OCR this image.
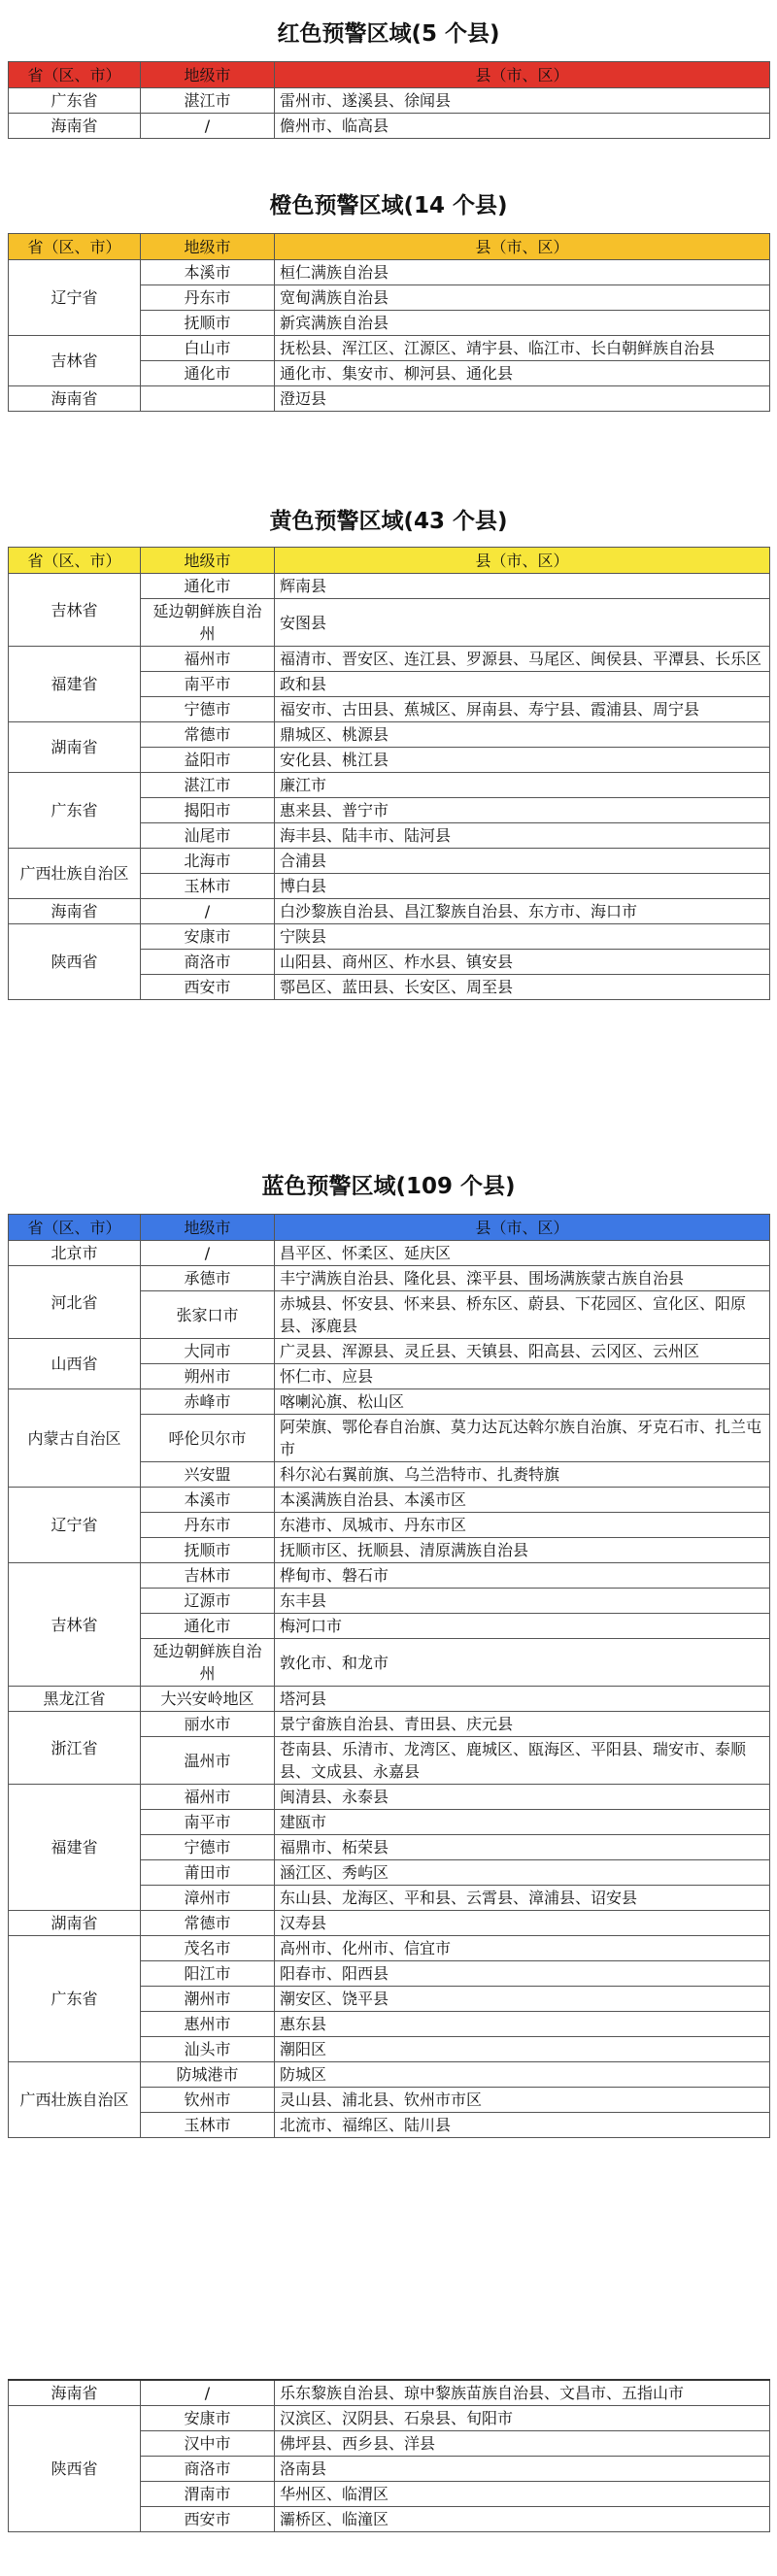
红色预警区域(5 个县)
省（区、市）	地级市	县（市、区）
广东省	湛江市	雷州市、遂溪县、徐闻县
海南省	/	儋州市、临高县
橙色预警区域(14 个县)
省（区、市）	地级市	县（市、区）
辽宁省	本溪市	桓仁满族自治县
	丹东市	宽甸满族自治县
	抚顺市	新宾满族自治县
吉林省	白山市	抚松县、浑江区、江源区、靖宇县、临江市、长白朝鲜族自治县
	通化市	通化市、集安市、柳河县、通化县
海南省		澄迈县
黄色预警区域(43 个县)
省（区、市）	地级市	县（市、区）
吉林省	通化市	辉南县
	延边朝鲜族自治州	安图县
福建省	福州市	福清市、晋安区、连江县、罗源县、马尾区、闽侯县、平潭县、长乐区
	南平市	政和县
	宁德市	福安市、古田县、蕉城区、屏南县、寿宁县、霞浦县、周宁县
湖南省	常德市	鼎城区、桃源县
	益阳市	安化县、桃江县
广东省	湛江市	廉江市
	揭阳市	惠来县、普宁市
	汕尾市	海丰县、陆丰市、陆河县
广西壮族自治区	北海市	合浦县
	玉林市	博白县
海南省	/	白沙黎族自治县、昌江黎族自治县、东方市、海口市
陕西省	安康市	宁陕县
	商洛市	山阳县、商州区、柞水县、镇安县
	西安市	鄠邑区、蓝田县、长安区、周至县
蓝色预警区域(109 个县)
省（区、市）	地级市	县（市、区）
北京市	/	昌平区、怀柔区、延庆区
河北省	承德市	丰宁满族自治县、隆化县、滦平县、围场满族蒙古族自治县
	张家口市	赤城县、怀安县、怀来县、桥东区、蔚县、下花园区、宣化区、阳原县、涿鹿县
山西省	大同市	广灵县、浑源县、灵丘县、天镇县、阳高县、云冈区、云州区
	朔州市	怀仁市、应县
内蒙古自治区	赤峰市	喀喇沁旗、松山区
	呼伦贝尔市	阿荣旗、鄂伦春自治旗、莫力达瓦达斡尔族自治旗、牙克石市、扎兰屯市
	兴安盟	科尔沁右翼前旗、乌兰浩特市、扎赉特旗
辽宁省	本溪市	本溪满族自治县、本溪市区
	丹东市	东港市、凤城市、丹东市区
	抚顺市	抚顺市区、抚顺县、清原满族自治县
吉林省	吉林市	桦甸市、磐石市
	辽源市	东丰县
	通化市	梅河口市
	延边朝鲜族自治州	敦化市、和龙市
黑龙江省	大兴安岭地区	塔河县
浙江省	丽水市	景宁畲族自治县、青田县、庆元县
	温州市	苍南县、乐清市、龙湾区、鹿城区、瓯海区、平阳县、瑞安市、泰顺县、文成县、永嘉县
福建省	福州市	闽清县、永泰县
	南平市	建瓯市
	宁德市	福鼎市、柘荣县
	莆田市	涵江区、秀屿区
	漳州市	东山县、龙海区、平和县、云霄县、漳浦县、诏安县
湖南省	常德市	汉寿县
广东省	茂名市	高州市、化州市、信宜市
	阳江市	阳春市、阳西县
	潮州市	潮安区、饶平县
	惠州市	惠东县
	汕头市	潮阳区
广西壮族自治区	防城港市	防城区
	钦州市	灵山县、浦北县、钦州市市区
	玉林市	北流市、福绵区、陆川县
海南省	/	乐东黎族自治县、琼中黎族苗族自治县、文昌市、五指山市
陕西省	安康市	汉滨区、汉阴县、石泉县、旬阳市
	汉中市	佛坪县、西乡县、洋县
	商洛市	洛南县
	渭南市	华州区、临渭区
	西安市	灞桥区、临潼区
